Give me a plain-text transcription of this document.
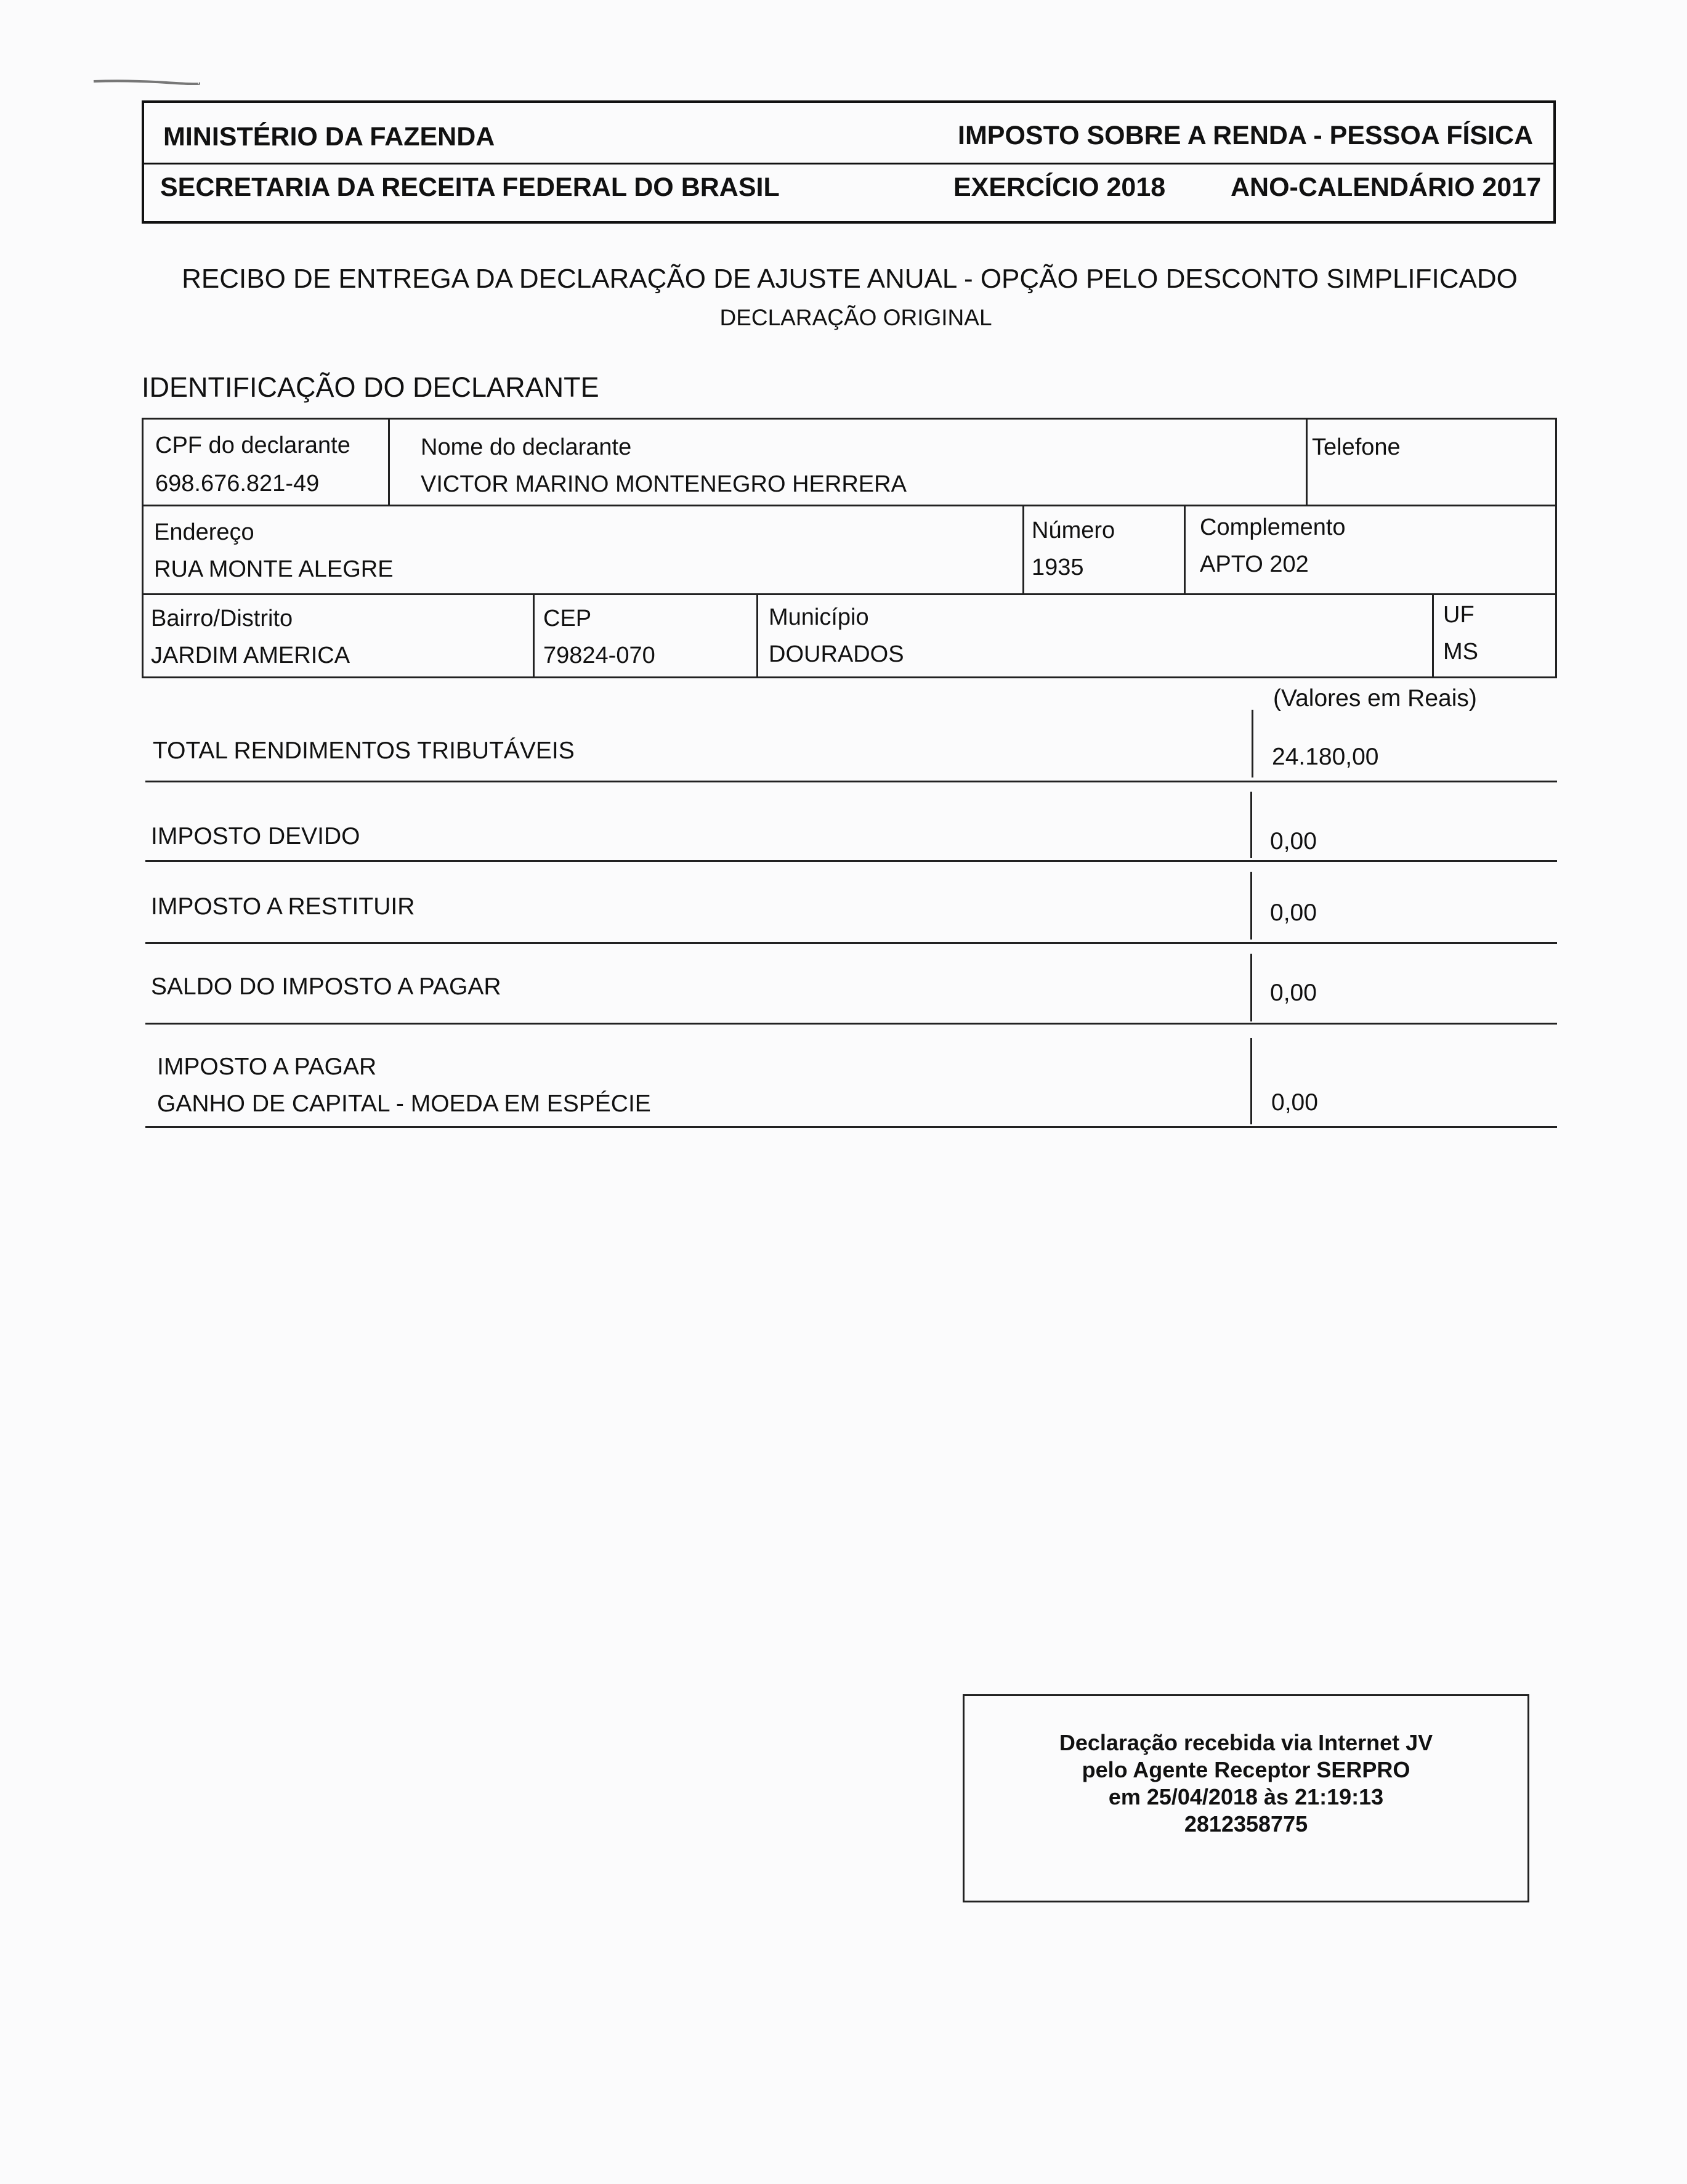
MINISTÉRIO DA FAZENDA
SECRETARIA DA RECEITA FEDERAL DO BRASIL
IMPOSTO SOBRE A RENDA - PESSOA FÍSICA
EXERCÍCIO 2018 ANO-CALENDÁRIO 2017
RECIBO DE ENTREGA DA DECLARAÇÃO DE AJUSTE ANUAL - OPÇÃO PELO DESCONTO SIMPLIFICADO
DECLARAÇÃO ORIGINAL
IDENTIFICAÇÃO DO DECLARANTE
CPF do declarante
698.676.821-49
Nome do declarante
VICTOR MARINO MONTENEGRO HERRERA
Telefone
Endereço
RUA MONTE ALEGRE
Número
1935
Complemento
APTO 202
Bairro/Distrito
JARDIM AMERICA
CEP
79824-070
Município
DOURADOS
UF
MS
(Valores em Reais)
TOTAL RENDIMENTOS TRIBUTÁVEIS	24.180,00
IMPOSTO DEVIDO	0,00
IMPOSTO A RESTITUIR	0,00
SALDO DO IMPOSTO A PAGAR	0,00
IMPOSTO A PAGAR
GANHO DE CAPITAL - MOEDA EM ESPÉCIE	0,00
Declaração recebida via Internet JV
pelo Agente Receptor SERPRO
em 25/04/2018 às 21:19:13
2812358775
